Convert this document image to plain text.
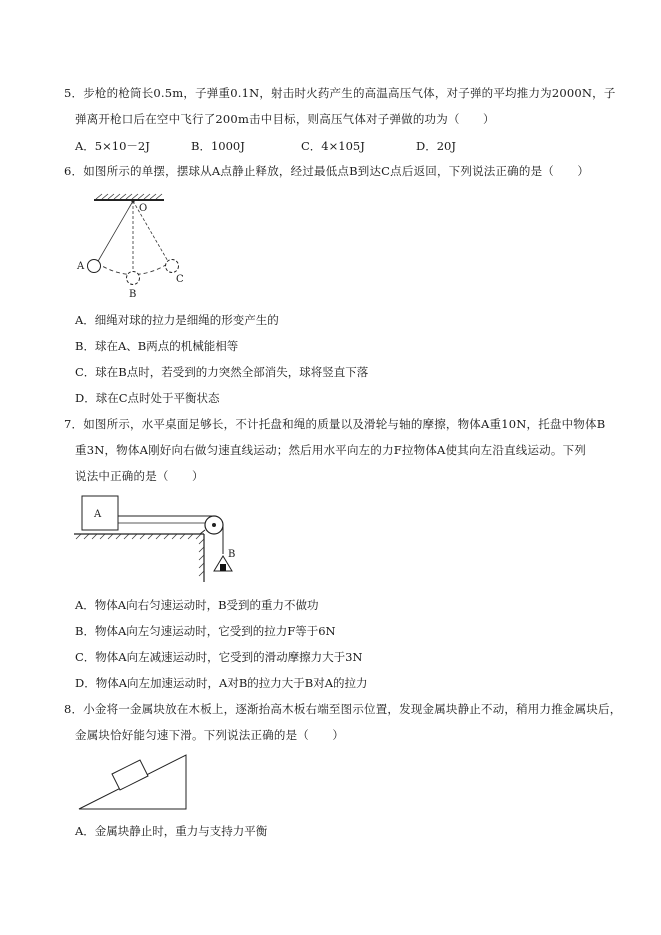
5．步枪的枪筒长0.5m，子弹重0.1N，射击时火药产生的高温高压气体，对子弹的平均推力为2000N，子
弹离开枪口后在空中飞行了200m击中目标，则高压气体对子弹做的功为（　　）
A．5×10－2J	B．1000J	C．4×105J	D．20J
6．如图所示的单摆，摆球从A点静止释放，经过最低点B到达C点后返回，下列说法正确的是（　　）
O
A
B
C
A．细绳对球的拉力是细绳的形变产生的
B．球在A、B两点的机械能相等
C．球在B点时，若受到的力突然全部消失，球将竖直下落
D．球在C点时处于平衡状态
7．如图所示，水平桌面足够长，不计托盘和绳的质量以及滑轮与轴的摩擦，物体A重10N，托盘中物体B
重3N，物体A刚好向右做匀速直线运动；然后用水平向左的力F拉物体A使其向左沿直线运动。下列
说法中正确的是（　　）
A
B
A．物体A向右匀速运动时，B受到的重力不做功
B．物体A向左匀速运动时，它受到的拉力F等于6N
C．物体A向左减速运动时，它受到的滑动摩擦力大于3N
D．物体A向左加速运动时，A对B的拉力大于B对A的拉力
8．小金将一金属块放在木板上，逐渐抬高木板右端至图示位置，发现金属块静止不动，稍用力推金属块后，
金属块恰好能匀速下滑。下列说法正确的是（　　）
A．金属块静止时，重力与支持力平衡
